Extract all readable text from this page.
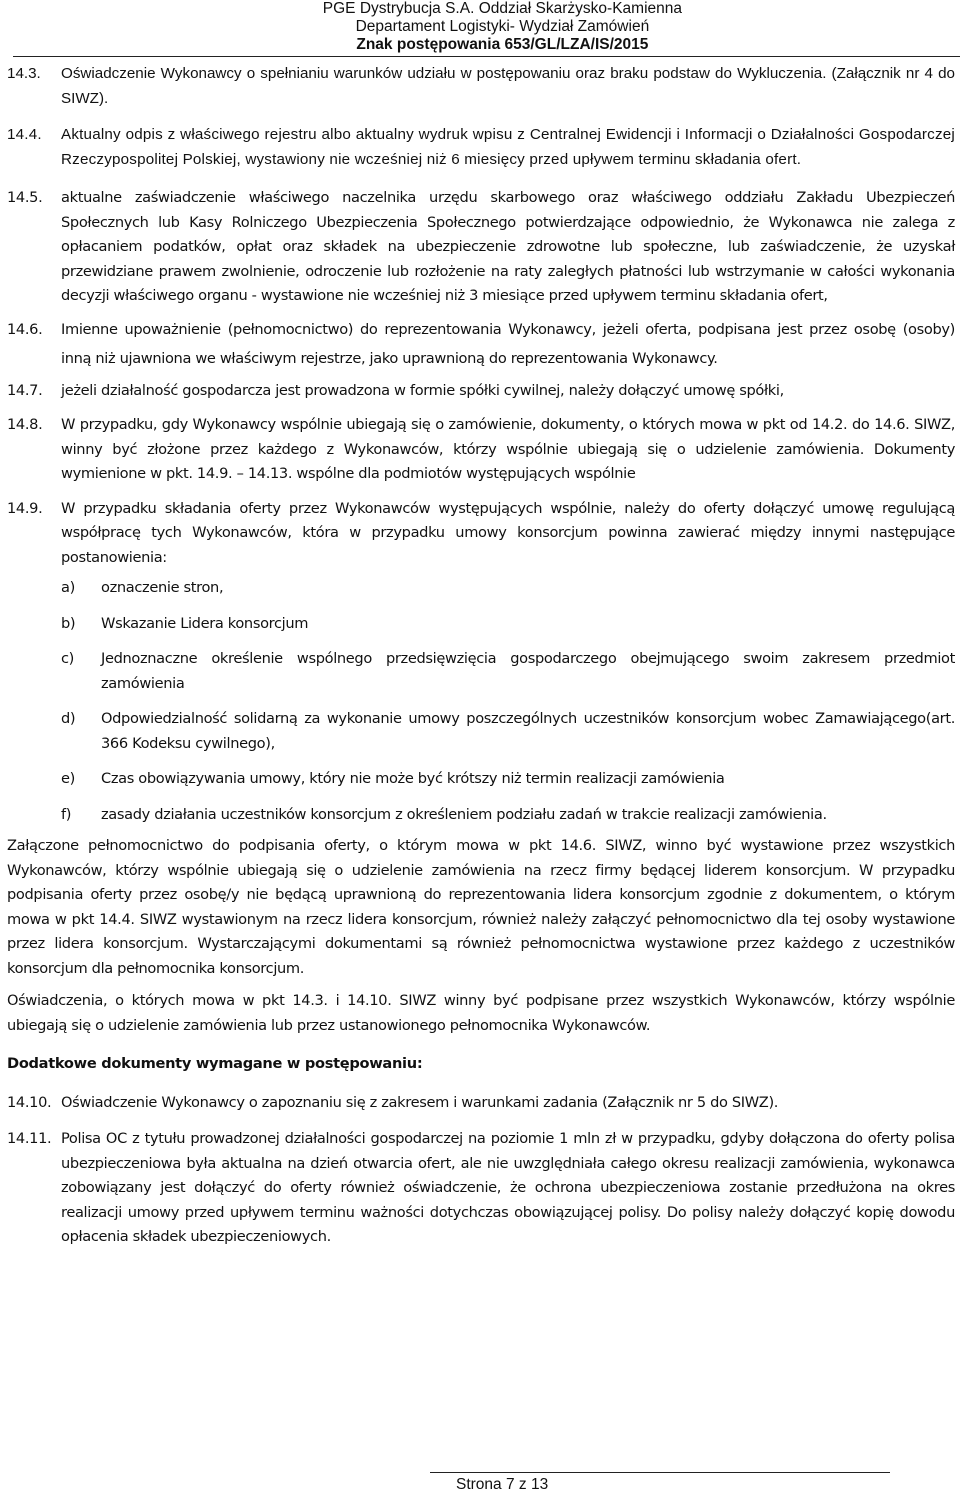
PGE Dystrybucja S.A. Oddział Skarżysko-Kamienna
Departament Logistyki- Wydział Zamówień
Znak postępowania 653/GL/LZA/IS/2015
14.3. Oświadczenie Wykonawcy o spełnianiu warunków udziału w postępowaniu oraz braku podstaw do Wykluczenia. (Załącznik nr 4 do SIWZ).
14.4. Aktualny odpis z właściwego rejestru albo aktualny wydruk wpisu z Centralnej Ewidencji i Informacji o Działalności Gospodarczej Rzeczypospolitej Polskiej, wystawiony nie wcześniej niż 6 miesięcy przed upływem terminu składania ofert.
14.5. aktualne zaświadczenie właściwego naczelnika urzędu skarbowego oraz właściwego oddziału Zakładu Ubezpieczeń Społecznych lub Kasy Rolniczego Ubezpieczenia Społecznego potwierdzające odpowiednio, że Wykonawca nie zalega z opłacaniem podatków, opłat oraz składek na ubezpieczenie zdrowotne lub społeczne, lub zaświadczenie, że uzyskał przewidziane prawem zwolnienie, odroczenie lub rozłożenie na raty zaległych płatności lub wstrzymanie w całości wykonania decyzji właściwego organu - wystawione nie wcześniej niż 3 miesiące przed upływem terminu składania ofert,
14.6. Imienne upoważnienie (pełnomocnictwo) do reprezentowania Wykonawcy, jeżeli oferta, podpisana jest przez osobę (osoby) inną niż ujawniona we właściwym rejestrze, jako uprawnioną do reprezentowania Wykonawcy.
14.7. jeżeli działalność gospodarcza jest prowadzona w formie spółki cywilnej, należy dołączyć umowę spółki,
14.8. W przypadku, gdy Wykonawcy wspólnie ubiegają się o zamówienie, dokumenty, o których mowa w pkt od 14.2. do 14.6. SIWZ, winny być złożone przez każdego z Wykonawców, którzy wspólnie ubiegają się o udzielenie zamówienia. Dokumenty wymienione w pkt. 14.9. – 14.13. wspólne dla podmiotów występujących wspólnie
14.9. W przypadku składania oferty przez Wykonawców występujących wspólnie, należy do oferty dołączyć umowę regulującą współpracę tych Wykonawców, która w przypadku umowy konsorcjum powinna zawierać między innymi następujące postanowienia:
a) oznaczenie stron,
b) Wskazanie Lidera konsorcjum
c) Jednoznaczne określenie wspólnego przedsięwzięcia gospodarczego obejmującego swoim zakresem przedmiot zamówienia
d) Odpowiedzialność solidarną za wykonanie umowy poszczególnych uczestników konsorcjum wobec Zamawiającego(art. 366 Kodeksu cywilnego),
e) Czas obowiązywania umowy, który nie może być krótszy niż termin realizacji zamówienia
f) zasady działania uczestników konsorcjum z określeniem podziału zadań w trakcie realizacji zamówienia.

Załączone pełnomocnictwo do podpisania oferty, o którym mowa w pkt 14.6. SIWZ, winno być wystawione przez wszystkich Wykonawców, którzy wspólnie ubiegają się o udzielenie zamówienia na rzecz firmy będącej liderem konsorcjum. W przypadku podpisania oferty przez osobę/y nie będącą uprawnioną do reprezentowania lidera konsorcjum zgodnie z dokumentem, o którym mowa w pkt 14.4. SIWZ wystawionym na rzecz lidera konsorcjum, również należy załączyć pełnomocnictwo dla tej osoby wystawione przez lidera konsorcjum. Wystarczającymi dokumentami są również pełnomocnictwa wystawione przez każdego z uczestników konsorcjum dla pełnomocnika konsorcjum.

Oświadczenia, o których mowa w pkt 14.3. i 14.10. SIWZ winny być podpisane przez wszystkich Wykonawców, którzy wspólnie ubiegają się o udzielenie zamówienia lub przez ustanowionego pełnomocnika Wykonawców.

Dodatkowe dokumenty wymagane w postępowaniu:
14.10. Oświadczenie Wykonawcy o zapoznaniu się z zakresem i warunkami zadania (Załącznik nr 5 do SIWZ).
14.11. Polisa OC z tytułu prowadzonej działalności gospodarczej na poziomie 1 mln zł w przypadku, gdyby dołączona do oferty polisa ubezpieczeniowa była aktualna na dzień otwarcia ofert, ale nie uwzględniała całego okresu realizacji zamówienia, wykonawca zobowiązany jest dołączyć do oferty również oświadczenie, że ochrona ubezpieczeniowa zostanie przedłużona na okres realizacji umowy przed upływem terminu ważności dotychczas obowiązującej polisy. Do polisy należy dołączyć kopię dowodu opłacenia składek ubezpieczeniowych.
Strona 7 z 13
